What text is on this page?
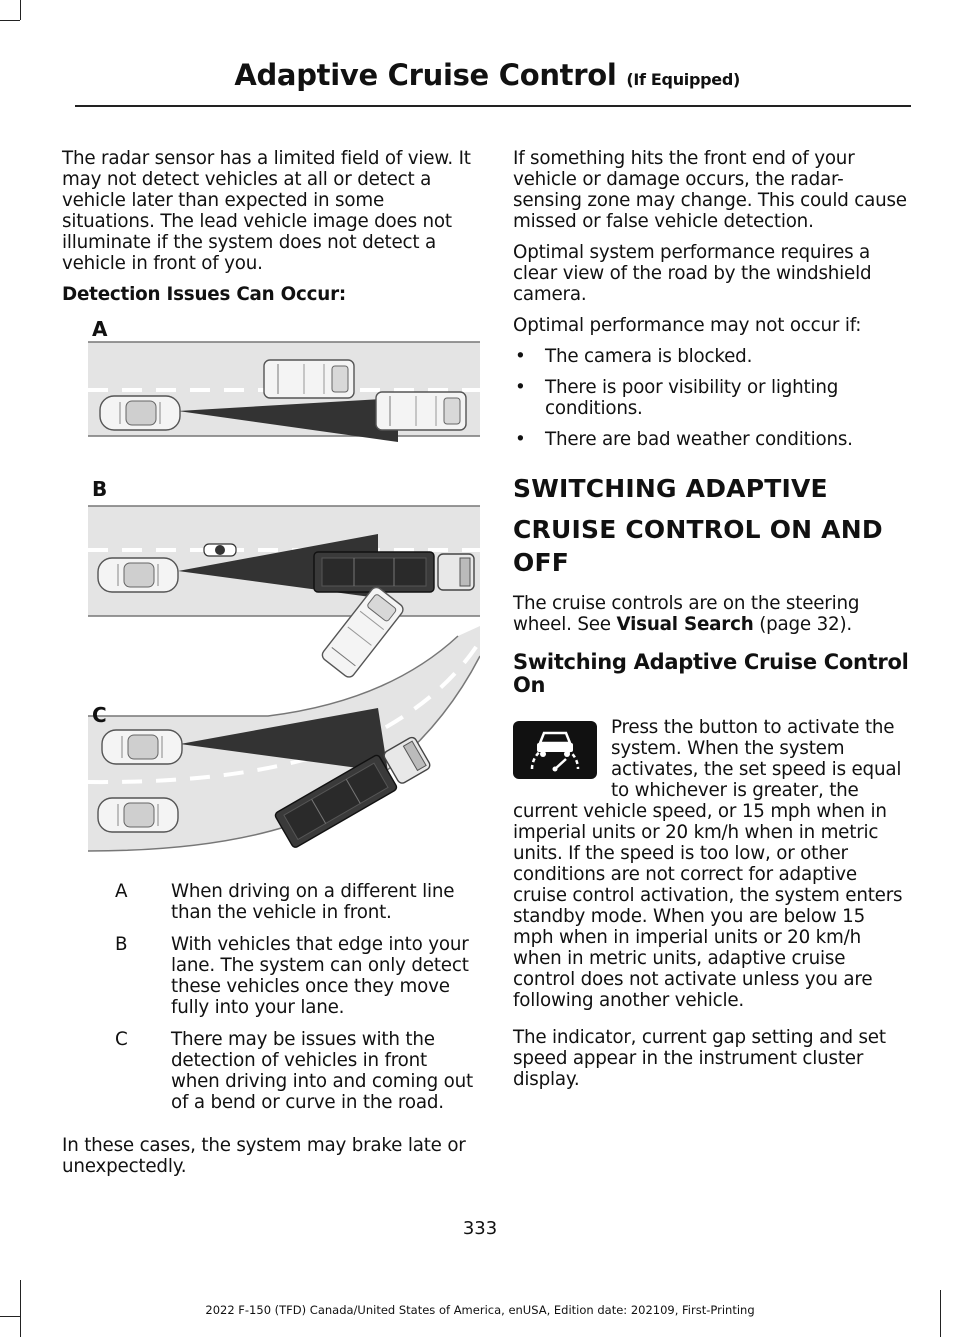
Adaptive Cruise Control (If Equipped)

The radar sensor has a limited field of view. It may not detect vehicles at all or detect a vehicle later than expected in some situations. The lead vehicle image does not illuminate if the system does not detect a vehicle in front of you.

Detection Issues Can Occur:

A
B
C
A	When driving on a different line than the vehicle in front.
B	With vehicles that edge into your lane. The system can only detect these vehicles once they move fully into your lane.
C	There may be issues with the detection of vehicles in front when driving into and coming out of a bend or curve in the road.

In these cases, the system may brake late or unexpectedly.

If something hits the front end of your vehicle or damage occurs, the radar-sensing zone may change. This could cause missed or false vehicle detection.

Optimal system performance requires a clear view of the road by the windshield camera.

Optimal performance may not occur if:

•	The camera is blocked.
•	There is poor visibility or lighting conditions.
•	There are bad weather conditions.
SWITCHING ADAPTIVE
CRUISE CONTROL ON AND OFF

The cruise controls are on the steering wheel. See Visual Search (page 32).

Switching Adaptive Cruise Control On

Press the button to activate the system. When the system activates, the set speed is equal to whichever is greater, the current vehicle speed, or 15 mph when in imperial units or 20 km/h when in metric units. If the speed is too low, or other conditions are not correct for adaptive cruise control activation, the system enters standby mode. When you are below 15 mph when in imperial units or 20 km/h when in metric units, adaptive cruise control does not activate unless you are following another vehicle.

The indicator, current gap setting and set speed appear in the instrument cluster display.

333
2022 F-150 (TFD) Canada/United States of America, enUSA, Edition date: 202109, First-Printing
